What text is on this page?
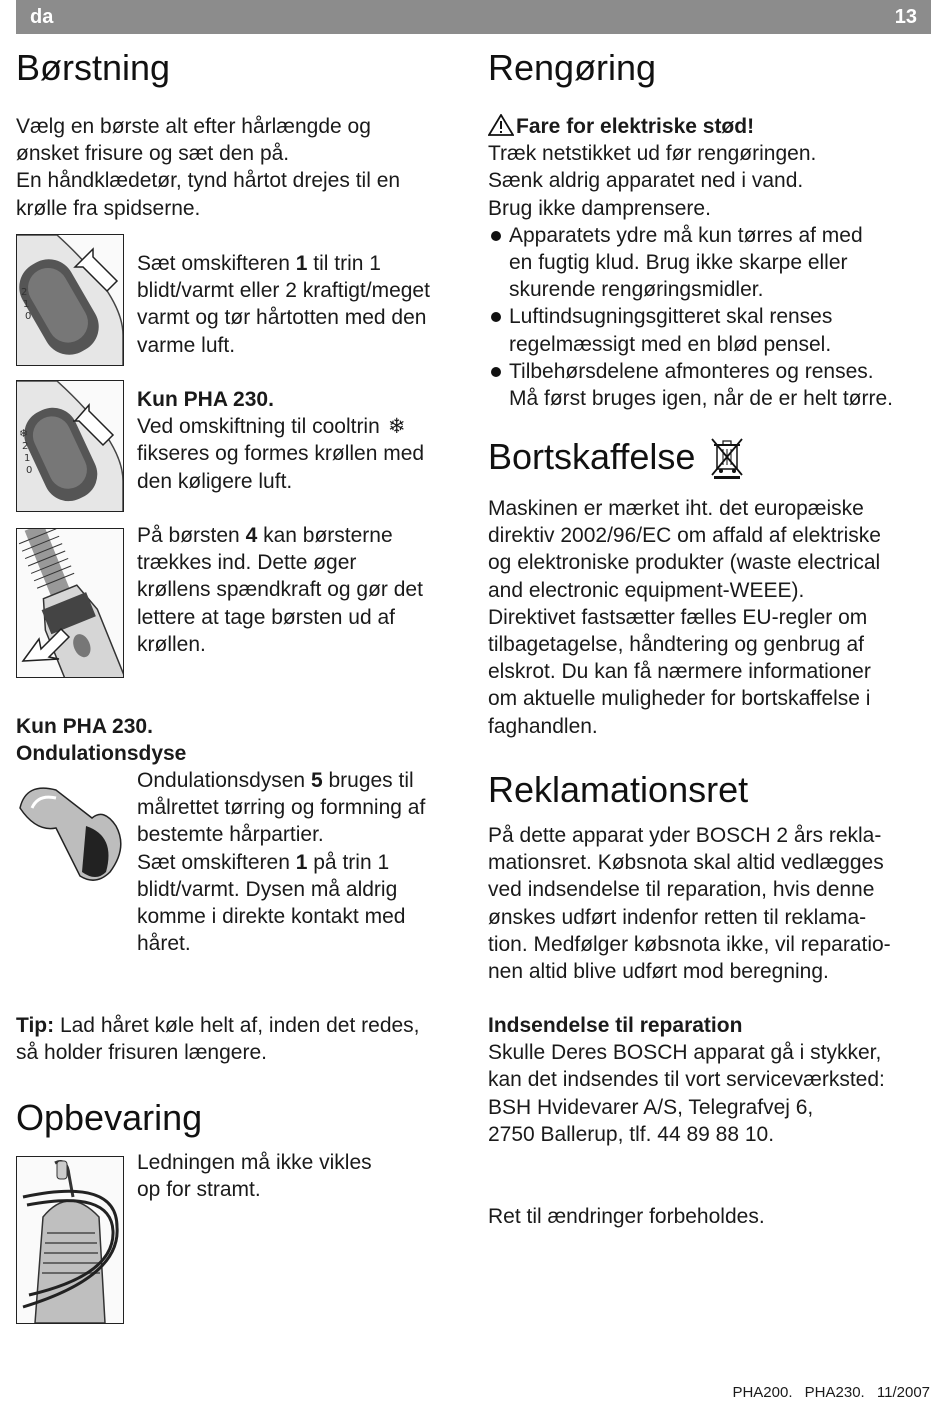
da	13
Børstning

Vælg en børste alt efter hårlængde og

ønsket frisure og sæt den på.

En håndklædetør, tynd hårtot drejes til en

krølle fra spidserne.

2
1
0

Sæt omskifteren 1 til trin 1

blidt/varmt eller 2 kraftigt/meget

varmt og tør hårtotten med den

varme luft.

❄
2
1
0

Kun PHA 230.

Ved omskiftning til cooltrin ❄

fikseres og formes krøllen med

den køligere luft.

På børsten 4 kan børsterne

trækkes ind. Dette øger

krøllens spændkraft og gør det

lettere at tage børsten ud af

krøllen.

Kun PHA 230.

Ondulationsdyse

Ondulationsdysen 5 bruges til

målrettet tørring og formning af

bestemte hårpartier.

Sæt omskifteren 1 på trin 1

blidt/varmt. Dysen må aldrig

komme i direkte kontakt med

håret.

Tip: Lad håret køle helt af, inden det redes,

så holder frisuren længere.

Opbevaring

Ledningen må ikke vikles

op for stramt.

Rengøring

Fare for elektriske stød!

Træk netstikket ud før rengøringen.

Sænk aldrig apparatet ned i vand.

Brug ikke damprensere.

Apparatets ydre må kun tørres af med
en fugtig klud. Brug ikke skarpe eller
skurende rengøringsmidler.
Luftindsugningsgitteret skal renses
regelmæssigt med en blød pensel.
Tilbehørsdelene afmonteres og renses.
Må først bruges igen, når de er helt tørre.
Bortskaffelse

Maskinen er mærket iht. det europæiske

direktiv 2002/96/EC om affald af elektriske

og elektroniske produkter (waste electrical

and electronic equipment-WEEE).

Direktivet fastsætter fælles EU-regler om

tilbagetagelse, håndtering og genbrug af

elskrot. Du kan få nærmere informationer

om aktuelle muligheder for bortskaffelse i

faghandlen.

Reklamationsret

På dette apparat yder BOSCH 2 års rekla-

mationsret. Købsnota skal altid vedlægges

ved indsendelse til reparation, hvis denne

ønskes udført indenfor retten til reklama-

tion. Medfølger købsnota ikke, vil reparatio-

nen altid blive udført mod beregning.

Indsendelse til reparation

Skulle Deres BOSCH apparat gå i stykker,

kan det indsendes til vort serviceværksted:

BSH Hvidevarer A/S, Telegrafvej 6,

2750 Ballerup, tlf. 44 89 88 10.

Ret til ændringer forbeholdes.

PHA200. PHA230. 11/2007
